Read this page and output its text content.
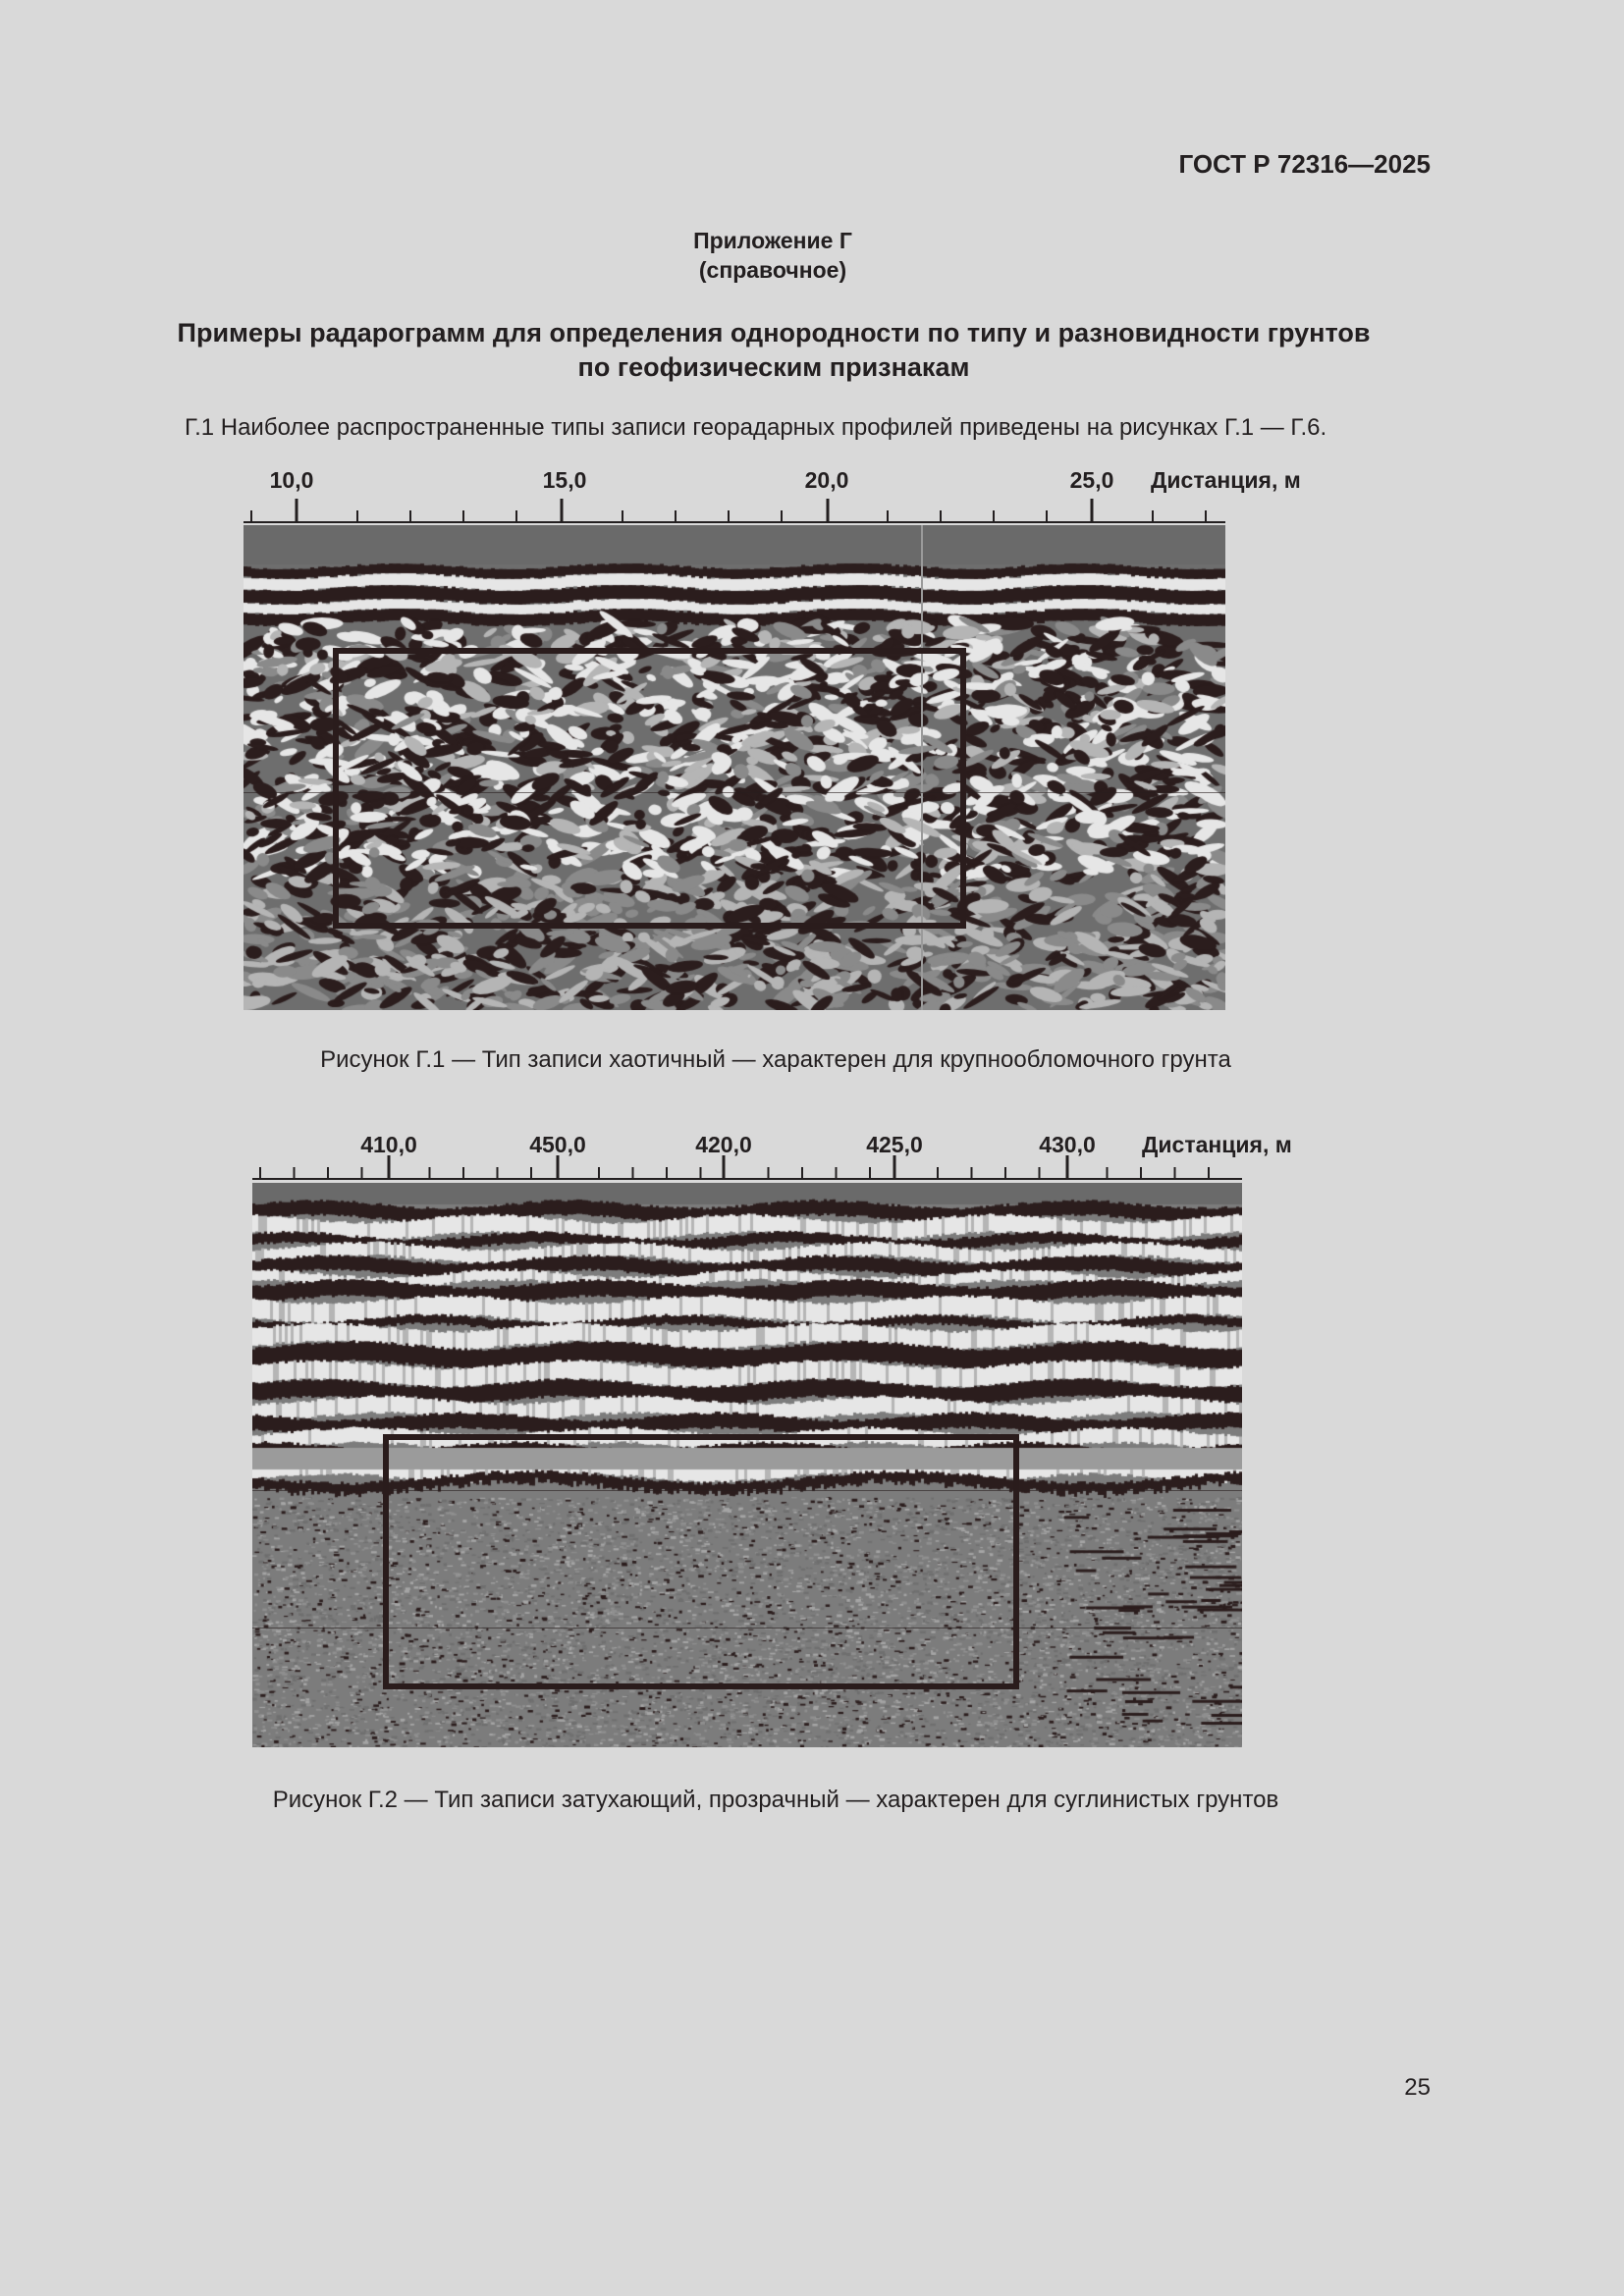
ГОСТ Р 72316—2025
Приложение Г
(справочное)
Примеры радарограмм для определения однородности по типу и разновидности грунтов
по геофизическим признакам

Г.1 Наиболее распространенные типы записи георадарных профилей приведены на рисунках Г.1 — Г.6.

10,0	15,0	20,0	25,0 Дистанция, м

Рисунок Г.1 — Тип записи хаотичный — характерен для крупнообломочного грунта

410,0	450,0	420,0	425,0	430,0 Дистанция, м

Рисунок Г.2 — Тип записи затухающий, прозрачный — характерен для суглинистых грунтов

25
